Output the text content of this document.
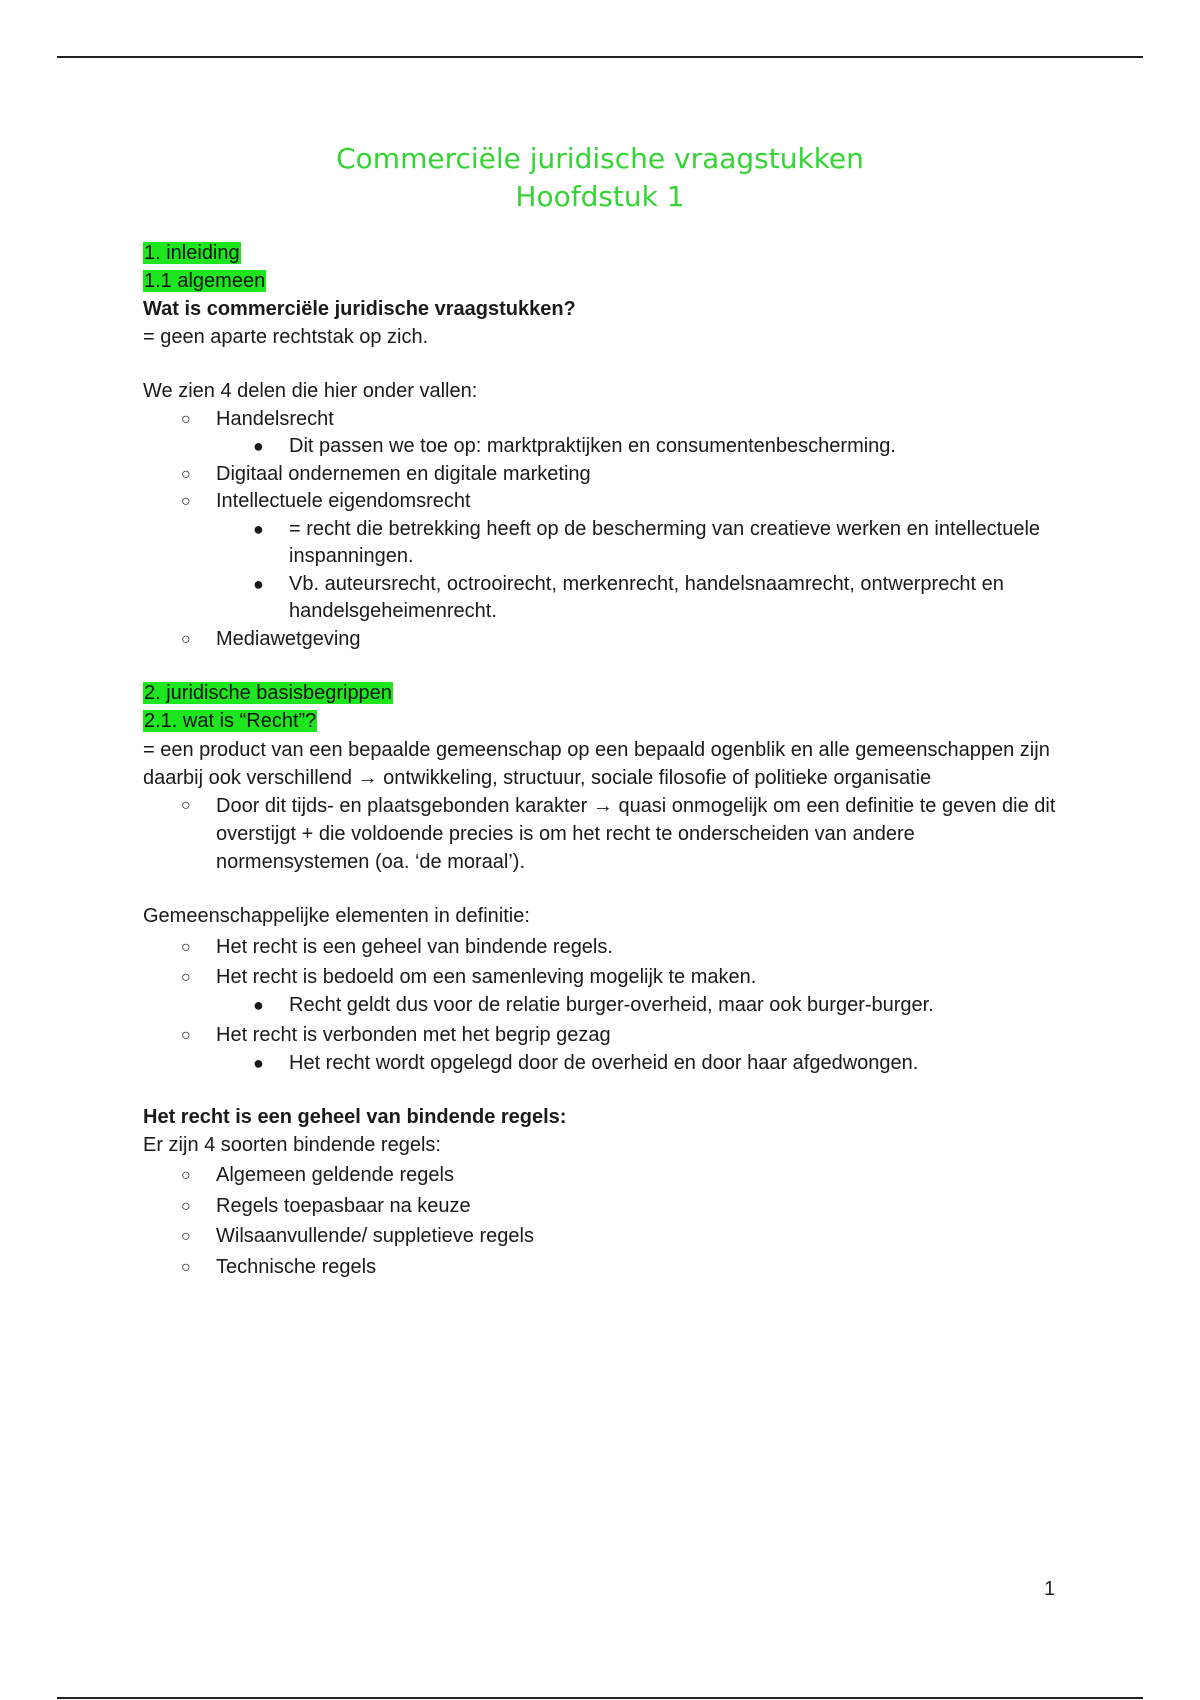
Commerciële juridische vraagstukken
Hoofdstuk 1
1. inleiding
1.1 algemeen
Wat is commerciële juridische vraagstukken?
= geen aparte rechtstak op zich.
We zien 4 delen die hier onder vallen:
○ Handelsrecht
● Dit passen we toe op: marktpraktijken en consumentenbescherming.
○ Digitaal ondernemen en digitale marketing
○ Intellectuele eigendomsrecht
● = recht die betrekking heeft op de bescherming van creatieve werken en intellectuele inspanningen.
● Vb. auteursrecht, octrooirecht, merkenrecht, handelsnaamrecht, ontwerprecht en handelsgeheimenrecht.
○ Mediawetgeving
2. juridische basisbegrippen
2.1. wat is “Recht”?

= een product van een bepaalde gemeenschap op een bepaald ogenblik en alle gemeenschappen zijn daarbij ook verschillend → ontwikkeling, structuur, sociale filosofie of politieke organisatie

○ Door dit tijds- en plaatsgebonden karakter → quasi onmogelijk om een definitie te geven die dit overstijgt + die voldoende precies is om het recht te onderscheiden van andere normensystemen (oa. ‘de moraal’).
Gemeenschappelijke elementen in definitie:
○ Het recht is een geheel van bindende regels.
○ Het recht is bedoeld om een samenleving mogelijk te maken.
● Recht geldt dus voor de relatie burger-overheid, maar ook burger-burger.
○ Het recht is verbonden met het begrip gezag
● Het recht wordt opgelegd door de overheid en door haar afgedwongen.
Het recht is een geheel van bindende regels:
Er zijn 4 soorten bindende regels:
○ Algemeen geldende regels
○ Regels toepasbaar na keuze
○ Wilsaanvullende/ suppletieve regels
○ Technische regels
1
